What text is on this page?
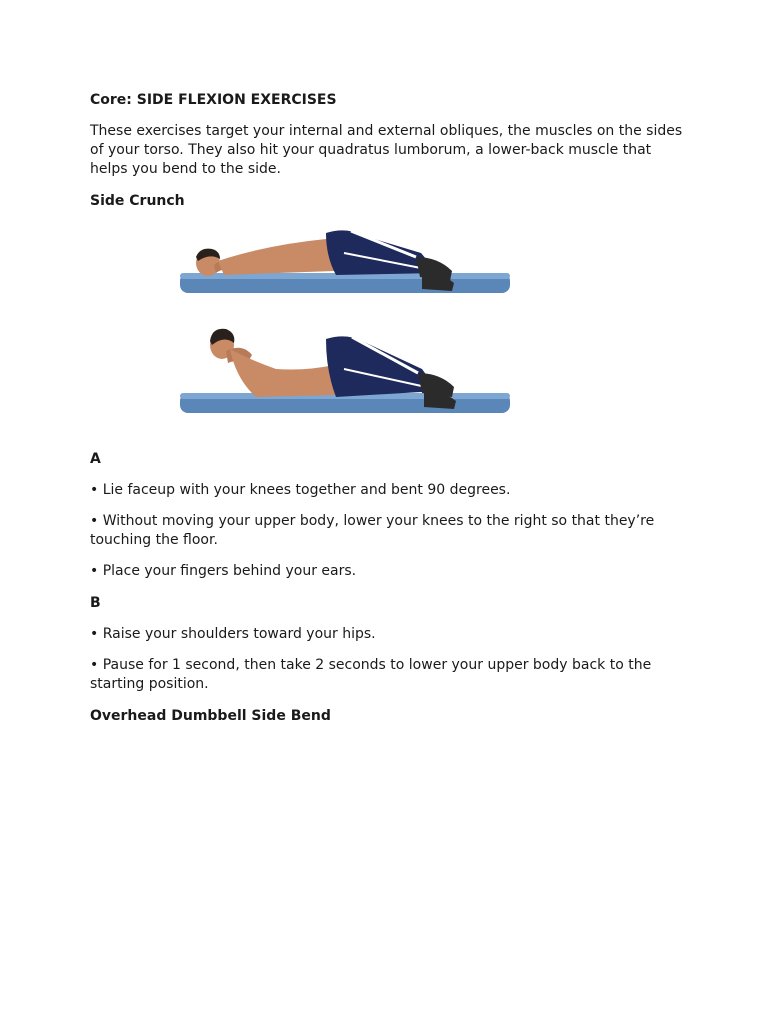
Core: SIDE FLEXION EXERCISES
These exercises target your internal and external obliques, the muscles on the sides of your torso. They also hit your quadratus lumborum, a lower-back muscle that helps you bend to the side.
Side Crunch
A
• Lie faceup with your knees together and bent 90 degrees.
• Without moving your upper body, lower your knees to the right so that they’re touching the floor.
• Place your fingers behind your ears.
B
• Raise your shoulders toward your hips.
• Pause for 1 second, then take 2 seconds to lower your upper body back to the starting position.
Overhead Dumbbell Side Bend
